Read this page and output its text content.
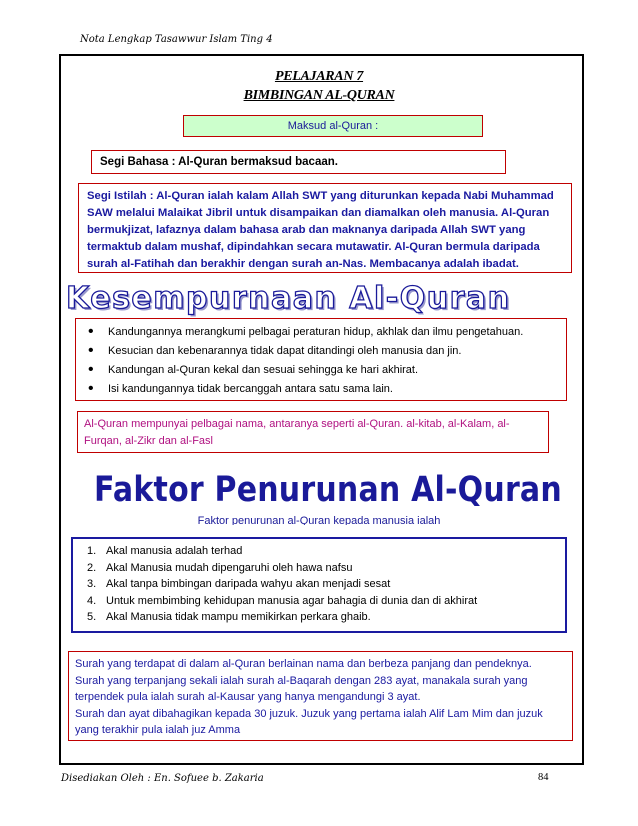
Nota Lengkap Tasawwur Islam Ting 4
PELAJARAN 7
BIMBINGAN AL-QURAN
Maksud al-Quran :
Segi Bahasa : Al-Quran bermaksud bacaan.
Segi Istilah : Al-Quran ialah kalam Allah SWT yang diturunkan kepada Nabi Muhammad SAW melalui Malaikat Jibril untuk disampaikan dan diamalkan oleh manusia. Al-Quran bermukjizat, lafaznya dalam bahasa arab dan maknanya daripada Allah SWT yang termaktub dalam mushaf, dipindahkan secara mutawatir. Al-Quran bermula daripada surah al-Fatihah dan berakhir dengan surah an-Nas. Membacanya adalah ibadat.
Kesempurnaan Al-Quran
• Kandungannya merangkumi pelbagai peraturan hidup, akhlak dan ilmu pengetahuan.
• Kesucian dan kebenarannya tidak dapat ditandingi oleh manusia dan jin.
• Kandungan al-Quran kekal dan sesuai sehingga ke hari akhirat.
• Isi kandungannya tidak bercanggah antara satu sama lain.
Al-Quran mempunyai pelbagai nama, antaranya seperti al-Quran. al-kitab, al-Kalam, al-Furqan, al-Zikr dan al-Fasl
Faktor Penurunan Al-Quran
Faktor penurunan al-Quran kepada manusia ialah
1. Akal manusia adalah terhad
2. Akal Manusia mudah dipengaruhi oleh hawa nafsu
3. Akal tanpa bimbingan daripada wahyu akan menjadi sesat
4. Untuk membimbing kehidupan manusia agar bahagia di dunia dan di akhirat
5. Akal Manusia tidak mampu memikirkan perkara ghaib.
Surah yang terdapat di dalam al-Quran berlainan nama dan berbeza panjang dan pendeknya.
Surah yang terpanjang sekali ialah surah al-Baqarah dengan 283 ayat, manakala surah yang terpendek pula ialah surah al-Kausar yang hanya mengandungi 3 ayat.
Surah dan ayat dibahagikan kepada 30 juzuk. Juzuk yang pertama ialah Alif Lam Mim dan juzuk yang terakhir pula ialah juz Amma
Disediakan Oleh : En. Sofuee b. Zakaria	84
